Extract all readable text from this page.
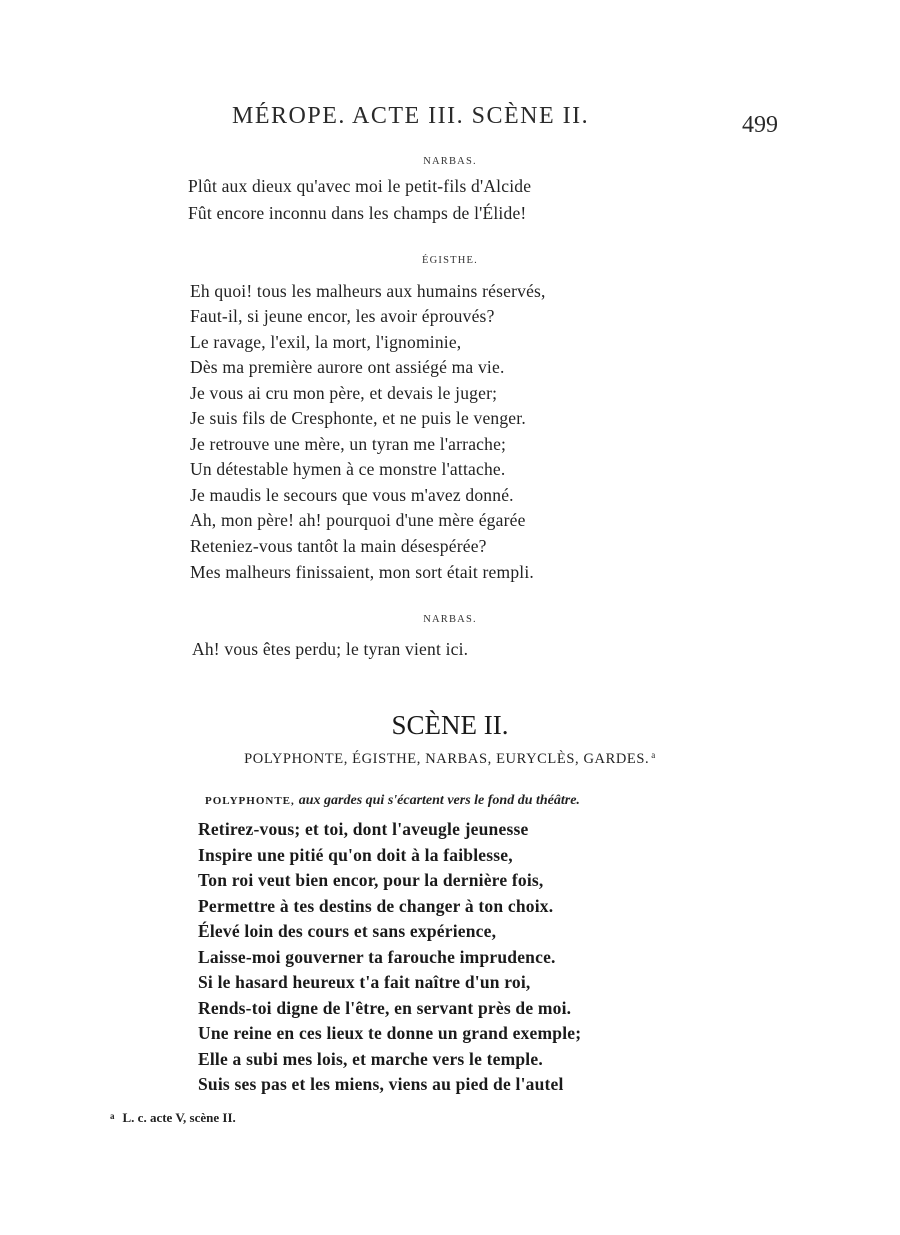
MÉROPE. ACTE III. SCÈNE II.	499
NARBAS.
Plût aux dieux qu'avec moi le petit-fils d'Alcide
Fût encore inconnu dans les champs de l'Élide!
ÉGISTHE.
Eh quoi! tous les malheurs aux humains réservés,
Faut-il, si jeune encor, les avoir éprouvés?
Le ravage, l'exil, la mort, l'ignominie,
Dès ma première aurore ont assiégé ma vie.
Je vous ai cru mon père, et devais le juger;
Je suis fils de Cresphonte, et ne puis le venger.
Je retrouve une mère, un tyran me l'arrache;
Un détestable hymen à ce monstre l'attache.
Je maudis le secours que vous m'avez donné.
Ah, mon père! ah! pourquoi d'une mère égarée
Reteniez-vous tantôt la main désespérée?
Mes malheurs finissaient, mon sort était rempli.
NARBAS.
Ah! vous êtes perdu; le tyran vient ici.
SCÈNE II.
POLYPHONTE, ÉGISTHE, NARBAS, EURYCLÈS, GARDES. $^a$
POLYPHONTE, aux gardes qui s'écartent vers le fond du théâtre.
Retirez-vous; et toi, dont l'aveugle jeunesse
Inspire une pitié qu'on doit à la faiblesse,
Ton roi veut bien encor, pour la dernière fois,
Permettre à tes destins de changer à ton choix.
Élevé loin des cours et sans expérience,
Laisse-moi gouverner ta farouche imprudence.
Si le hasard heureux t'a fait naître d'un roi,
Rends-toi digne de l'être, en servant près de moi.
Une reine en ces lieux te donne un grand exemple;
Elle a subi mes lois, et marche vers le temple.
Suis ses pas et les miens, viens au pied de l'autel
$^a$ L. c. acte V, scène II.
